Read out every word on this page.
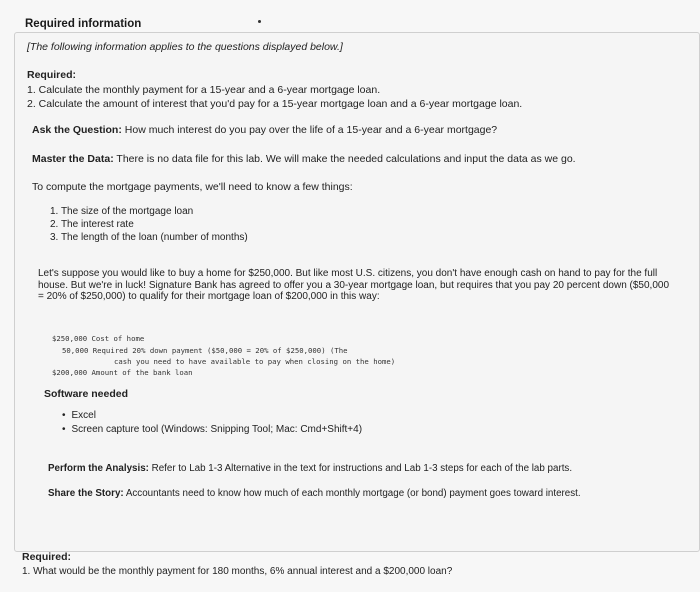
Required information
[The following information applies to the questions displayed below.]
Required:
1. Calculate the monthly payment for a 15-year and a 6-year mortgage loan.
2. Calculate the amount of interest that you'd pay for a 15-year mortgage loan and a 6-year mortgage loan.
Ask the Question: How much interest do you pay over the life of a 15-year and a 6-year mortgage?
Master the Data: There is no data file for this lab. We will make the needed calculations and input the data as we go.
To compute the mortgage payments, we'll need to know a few things:
1. The size of the mortgage loan
2. The interest rate
3. The length of the loan (number of months)
Let's suppose you would like to buy a home for $250,000. But like most U.S. citizens, you don't have enough cash on hand to pay for the full house. But we're in luck! Signature Bank has agreed to offer you a 30-year mortgage loan, but requires that you pay 20 percent down ($50,000 = 20% of $250,000) to qualify for their mortgage loan of $200,000 in this way:
$250,000 Cost of home
50,000 Required 20% down payment ($50,000 = 20% of $250,000) (The
cash you need to have available to pay when closing on the home)
$200,000 Amount of the bank loan
Software needed
• Excel
• Screen capture tool (Windows: Snipping Tool; Mac: Cmd+Shift+4)
Perform the Analysis: Refer to Lab 1-3 Alternative in the text for instructions and Lab 1-3 steps for each of the lab parts.
Share the Story: Accountants need to know how much of each monthly mortgage (or bond) payment goes toward interest.
Required:
1. What would be the monthly payment for 180 months, 6% annual interest and a $200,000 loan?
